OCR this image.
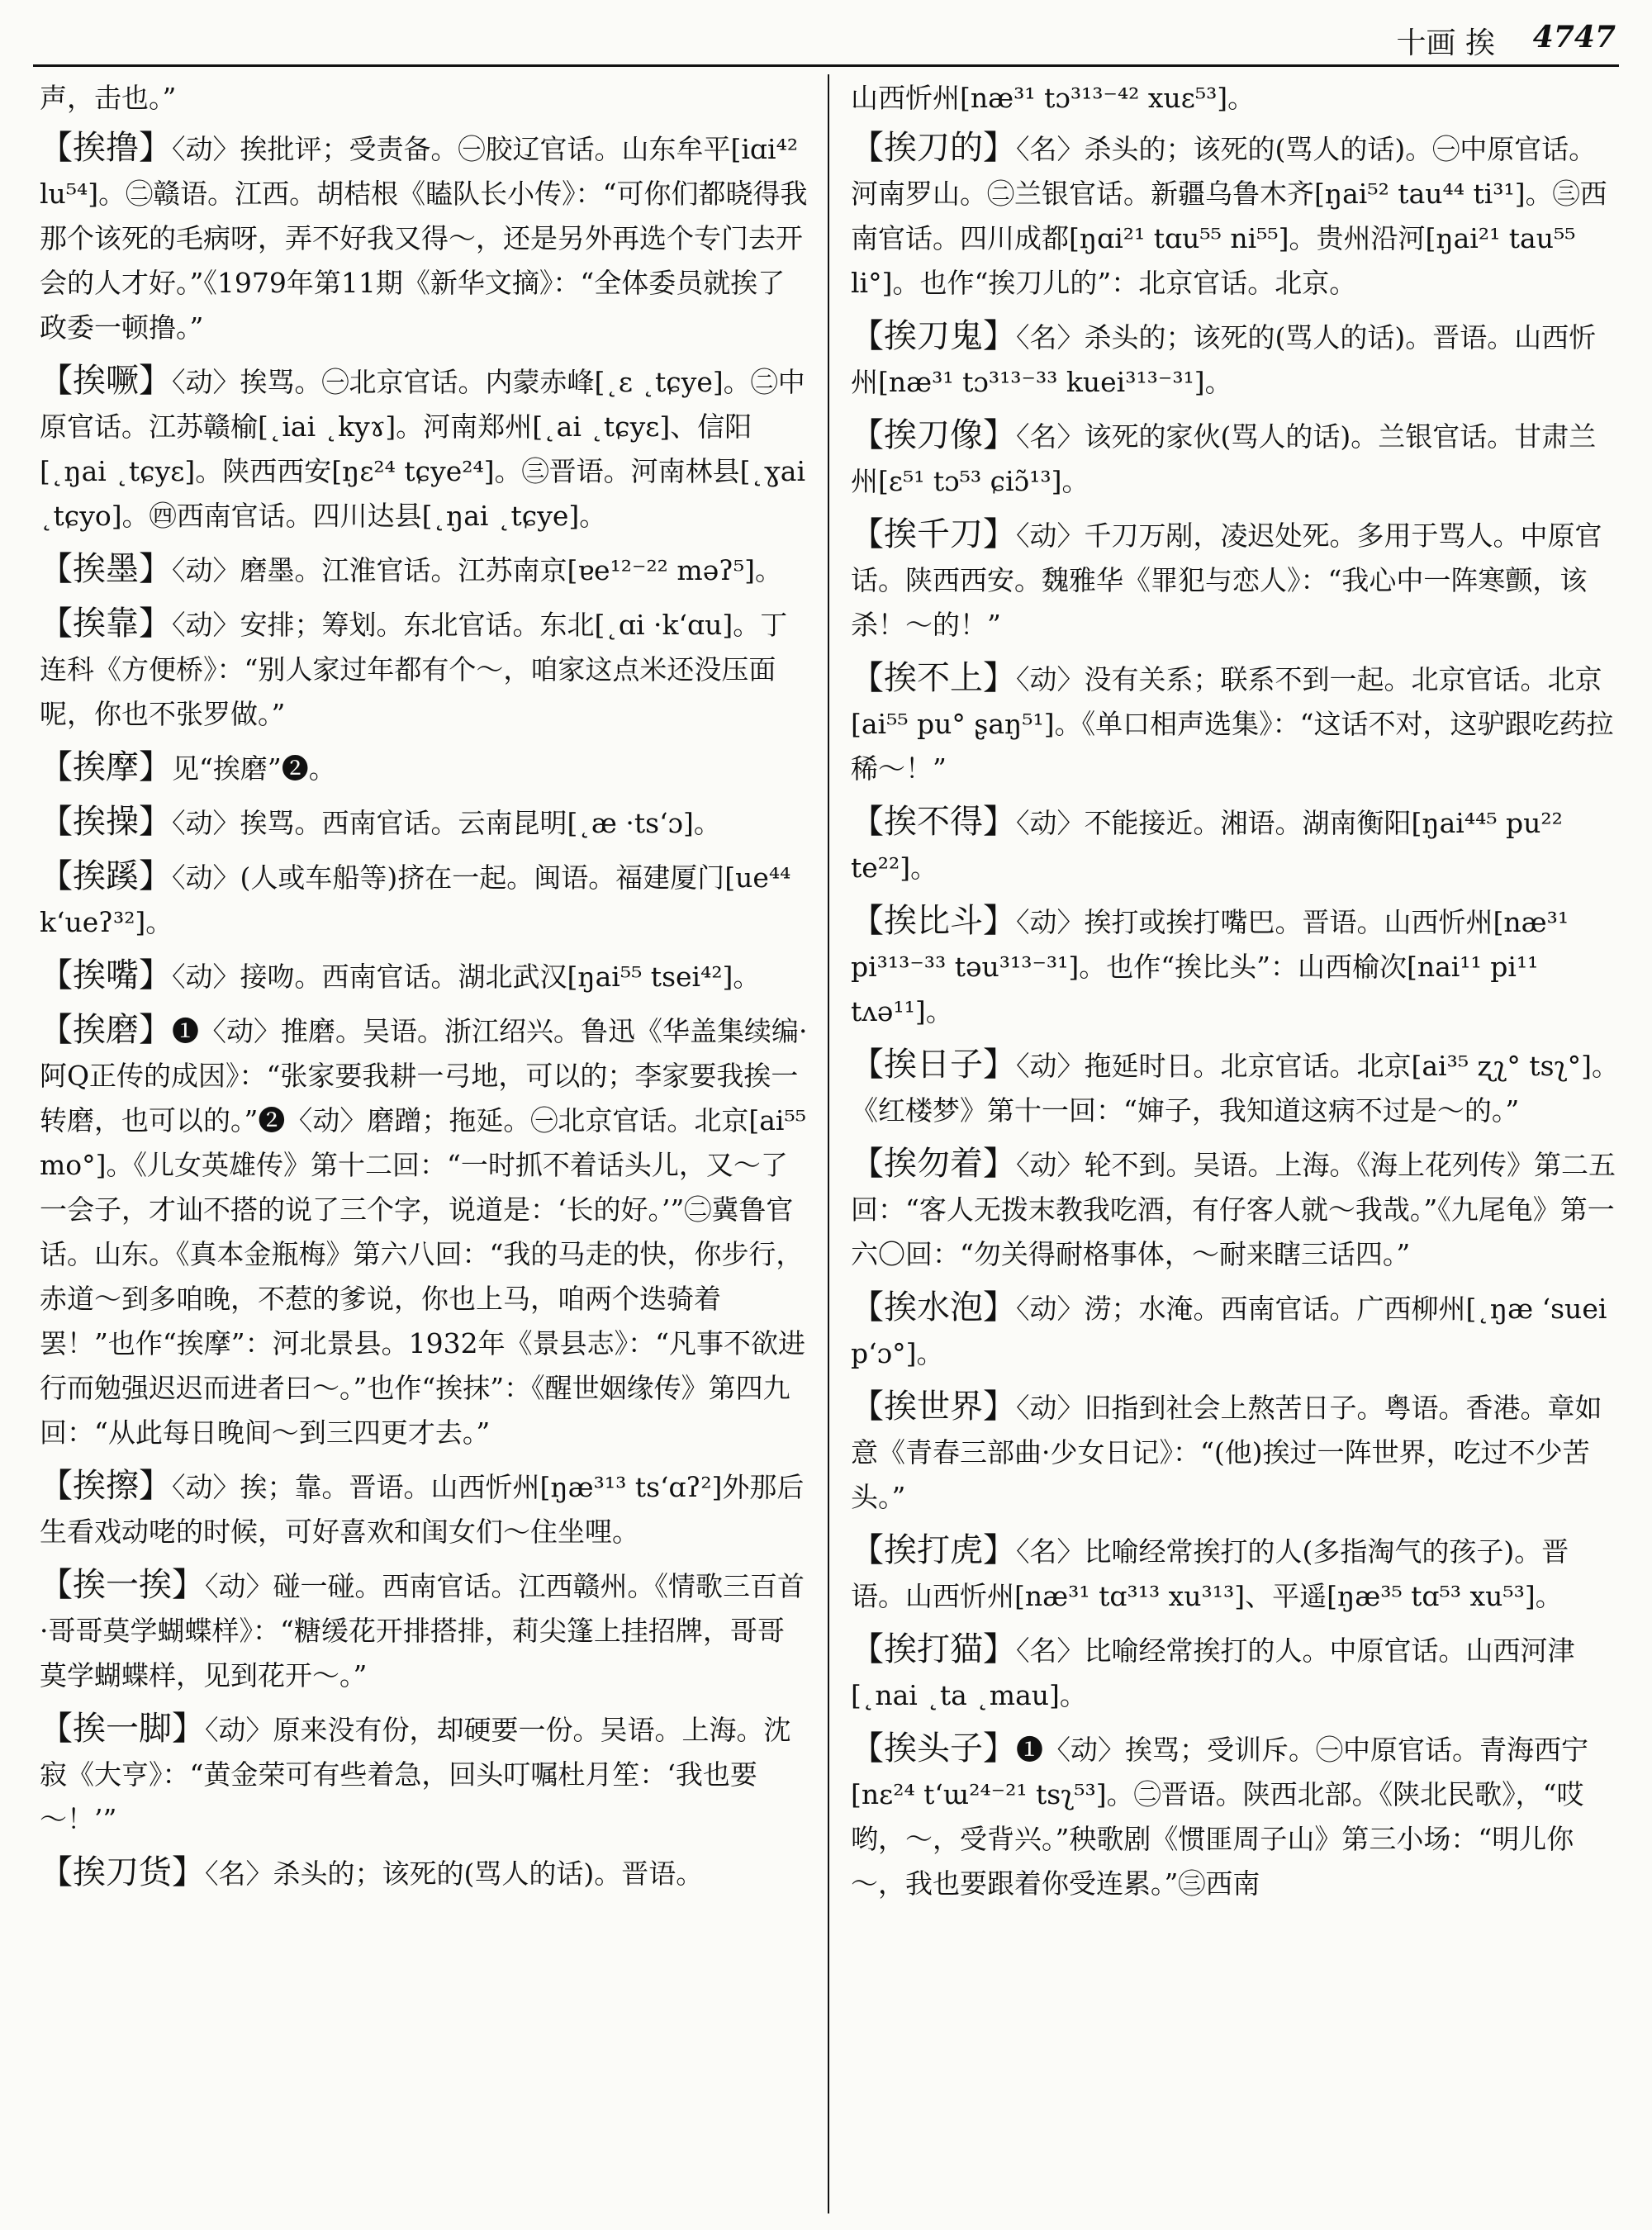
十画 挨 4747
声，击也。”
【挨撸】〈动〉挨批评；受责备。㊀胶辽官话。山东牟平[iɑi⁴² lu⁵⁴]。㊁赣语。江西。胡桔根《瞌队长小传》：“可你们都晓得我那个该死的毛病呀，弄不好我又得～，还是另外再选个专门去开会的人才好。”《1979年第11期《新华文摘》：“全体委员就挨了政委一顿撸。”
【挨噘】〈动〉挨骂。㊀北京官话。内蒙赤峰[˛ɛ ˛tɕye]。㊁中原官话。江苏赣榆[˛iai ˛kyɤ]。河南郑州[˛ai ˛tɕyɛ]、信阳[˛ŋai ˛tɕyɛ]。陕西西安[ŋɛ²⁴ tɕye²⁴]。㊂晋语。河南林县[˛ɣai ˛tɕyo]。㊃西南官话。四川达县[˛ŋai ˛tɕye]。
【挨墨】〈动〉磨墨。江淮官话。江苏南京[ɐe¹²⁻²² məʔ⁵]。
【挨靠】〈动〉安排；筹划。东北官话。东北[˛ɑi ·k‘ɑu]。丁连科《方便桥》：“别人家过年都有个～，咱家这点米还没压面呢，你也不张罗做。”
【挨摩】见“挨磨”❷。
【挨操】〈动〉挨骂。西南官话。云南昆明[˛æ ·ts‘ɔ]。
【挨蹊】〈动〉(人或车船等)挤在一起。闽语。福建厦门[ue⁴⁴ k‘ueʔ³²]。
【挨嘴】〈动〉接吻。西南官话。湖北武汉[ŋai⁵⁵ tsei⁴²]。
【挨磨】❶〈动〉推磨。吴语。浙江绍兴。鲁迅《华盖集续编·阿Q正传的成因》：“张家要我耕一弓地，可以的；李家要我挨一转磨，也可以的。”❷〈动〉磨蹭；拖延。㊀北京官话。北京[ai⁵⁵ mo°]。《儿女英雄传》第十二回：“一时抓不着话头儿，又～了一会子，才讪不搭的说了三个字，说道是：‘长的好。’”㊁冀鲁官话。山东。《真本金瓶梅》第六八回：“我的马走的快，你步行，赤道～到多咱晚，不惹的爹说，你也上马，咱两个迭骑着罢！”也作“挨摩”：河北景县。1932年《景县志》：“凡事不欲进行而勉强迟迟而进者曰～。”也作“挨抹”：《醒世姻缘传》第四九回：“从此每日晚间～到三四更才去。”
【挨擦】〈动〉挨；靠。晋语。山西忻州[ŋæ³¹³ ts‘ɑʔ²]外那后生看戏动咾的时候，可好喜欢和闺女们～住坐哩。
【挨一挨】〈动〉碰一碰。西南官话。江西赣州。《情歌三百首·哥哥莫学蝴蝶样》：“糖缓花开排搭排，莉尖篷上挂招牌，哥哥莫学蝴蝶样，见到花开～。”
【挨一脚】〈动〉原来没有份，却硬要一份。吴语。上海。沈寂《大亨》：“黄金荣可有些着急，回头叮嘱杜月笙：‘我也要～！’”
【挨刀货】〈名〉杀头的；该死的(骂人的话)。晋语。
山西忻州[næ³¹ tɔ³¹³⁻⁴² xuɛ⁵³]。
【挨刀的】〈名〉杀头的；该死的(骂人的话)。㊀中原官话。河南罗山。㊁兰银官话。新疆乌鲁木齐[ŋai⁵² tau⁴⁴ ti³¹]。㊂西南官话。四川成都[ŋɑi²¹ tɑu⁵⁵ ni⁵⁵]。贵州沿河[ŋai²¹ tau⁵⁵ li°]。也作“挨刀儿的”：北京官话。北京。
【挨刀鬼】〈名〉杀头的；该死的(骂人的话)。晋语。山西忻州[næ³¹ tɔ³¹³⁻³³ kuei³¹³⁻³¹]。
【挨刀像】〈名〉该死的家伙(骂人的话)。兰银官话。甘肃兰州[ɛ⁵¹ tɔ⁵³ ɕiɔ̃¹³]。
【挨千刀】〈动〉千刀万剐，凌迟处死。多用于骂人。中原官话。陕西西安。魏雅华《罪犯与恋人》：“我心中一阵寒颤，该杀！～的！”
【挨不上】〈动〉没有关系；联系不到一起。北京官话。北京[ai⁵⁵ pu° ʂaŋ⁵¹]。《单口相声选集》：“这话不对，这驴跟吃药拉稀～！”
【挨不得】〈动〉不能接近。湘语。湖南衡阳[ŋai⁴⁴⁵ pu²² te²²]。
【挨比斗】〈动〉挨打或挨打嘴巴。晋语。山西忻州[næ³¹ pi³¹³⁻³³ təu³¹³⁻³¹]。也作“挨比头”：山西榆次[nai¹¹ pi¹¹ tʌə¹¹]。
【挨日子】〈动〉拖延时日。北京官话。北京[ai³⁵ ʐʅ° tsʅ°]。《红楼梦》第十一回：“婶子，我知道这病不过是～的。”
【挨勿着】〈动〉轮不到。吴语。上海。《海上花列传》第二五回：“客人无拨末教我吃酒，有仔客人就～我哉。”《九尾龟》第一六〇回：“勿关得耐格事体，～耐来瞎三话四。”
【挨水泡】〈动〉涝；水淹。西南官话。广西柳州[˛ŋæ ‘suei p‘ɔ°]。
【挨世界】〈动〉旧指到社会上熬苦日子。粤语。香港。章如意《青春三部曲·少女日记》：“(他)挨过一阵世界，吃过不少苦头。”
【挨打虎】〈名〉比喻经常挨打的人(多指淘气的孩子)。晋语。山西忻州[næ³¹ tɑ³¹³ xu³¹³]、平遥[ŋæ³⁵ tɑ⁵³ xu⁵³]。
【挨打猫】〈名〉比喻经常挨打的人。中原官话。山西河津[˛nai ˛ta ˛mau]。
【挨头子】❶〈动〉挨骂；受训斥。㊀中原官话。青海西宁[nɛ²⁴ t‘ɯ²⁴⁻²¹ tsʅ⁵³]。㊁晋语。陕西北部。《陕北民歌》，“哎哟，～，受背兴。”秧歌剧《惯匪周子山》第三小场：“明儿你～，我也要跟着你受连累。”㊂西南
